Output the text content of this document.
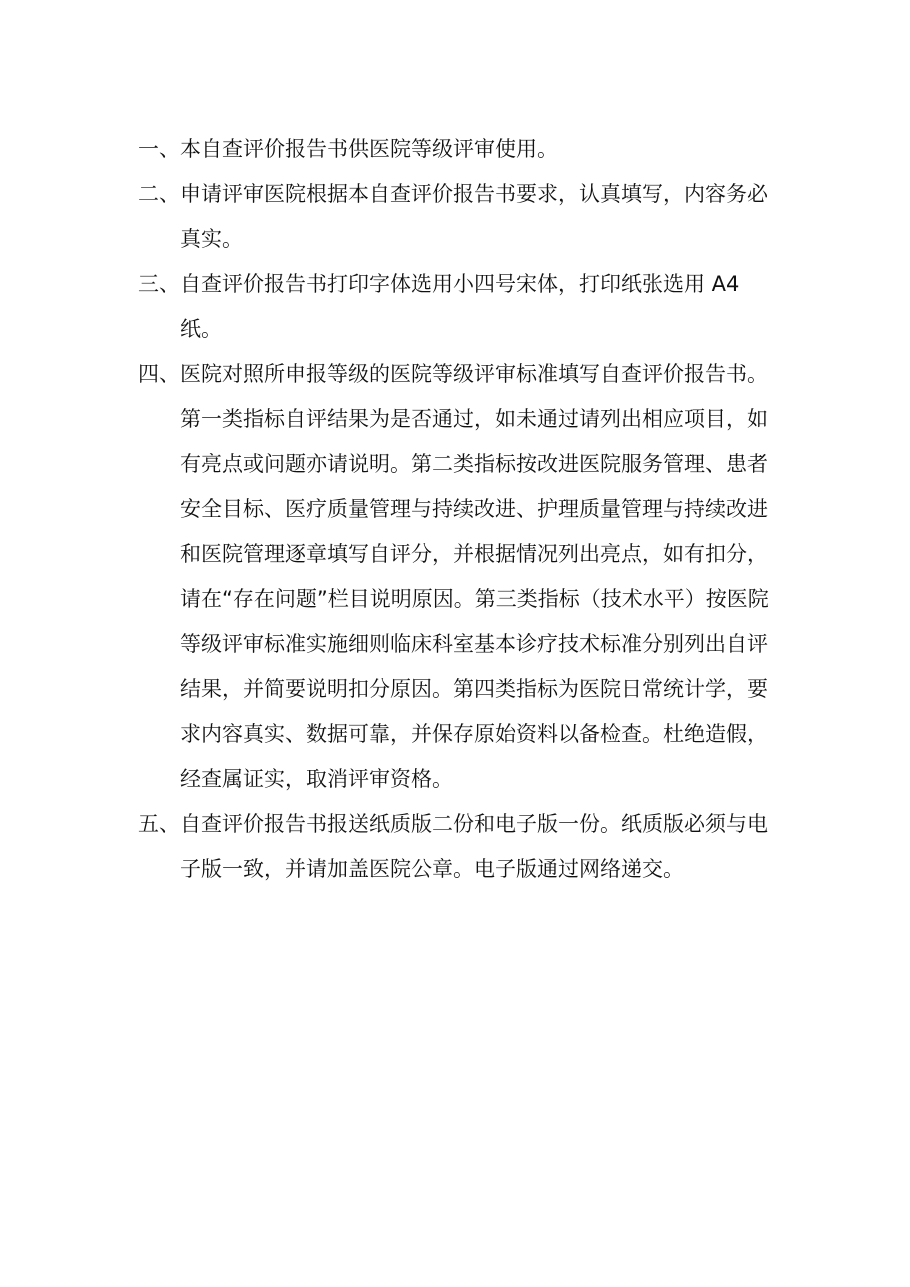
一、本自查评价报告书供医院等级评审使用。
二、申请评审医院根据本自查评价报告书要求，认真填写，内容务必真实。
三、自查评价报告书打印字体选用小四号宋体，打印纸张选用 A4 纸。
四、医院对照所申报等级的医院等级评审标准填写自查评价报告书。第一类指标自评结果为是否通过，如未通过请列出相应项目，如有亮点或问题亦请说明。第二类指标按改进医院服务管理、患者安全目标、医疗质量管理与持续改进、护理质量管理与持续改进和医院管理逐章填写自评分，并根据情况列出亮点，如有扣分，请在“存在问题”栏目说明原因。第三类指标（技术水平）按医院等级评审标准实施细则临床科室基本诊疗技术标准分别列出自评结果，并简要说明扣分原因。第四类指标为医院日常统计学，要求内容真实、数据可靠，并保存原始资料以备检查。杜绝造假，经查属证实，取消评审资格。
五、自查评价报告书报送纸质版二份和电子版一份。纸质版必须与电子版一致，并请加盖医院公章。电子版通过网络递交。
